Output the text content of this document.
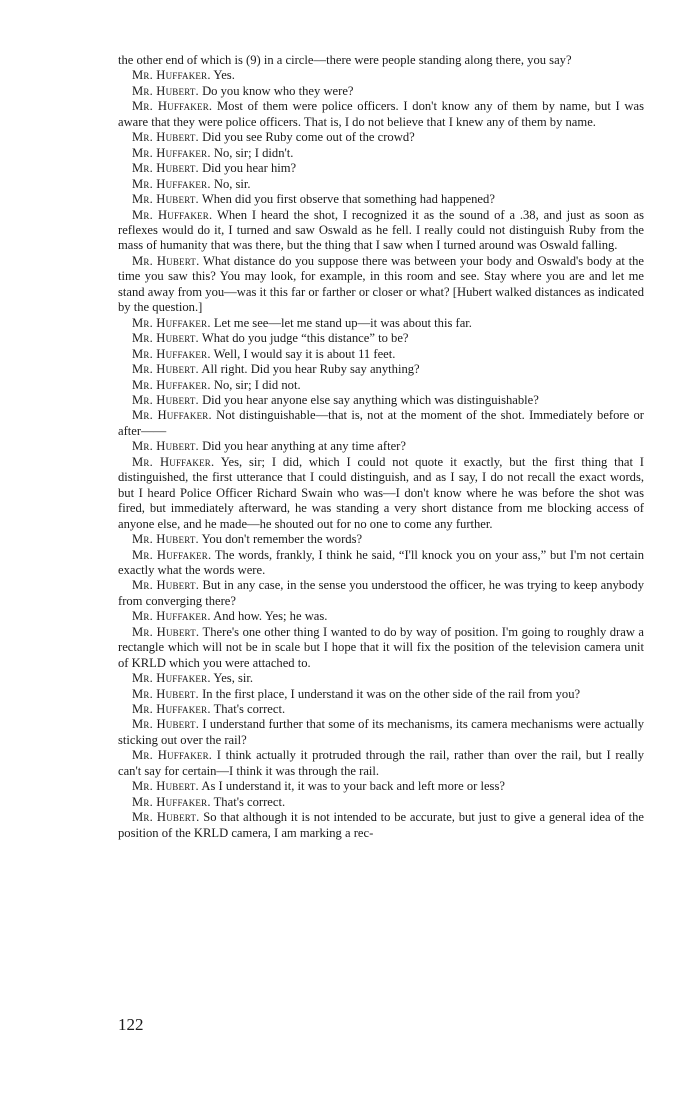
the other end of which is (9) in a circle—there were people standing along there, you say?

Mr. Huffaker. Yes.

Mr. Hubert. Do you know who they were?

Mr. Huffaker. Most of them were police officers. I don't know any of them by name, but I was aware that they were police officers. That is, I do not believe that I knew any of them by name.

Mr. Hubert. Did you see Ruby come out of the crowd?

Mr. Huffaker. No, sir; I didn't.

Mr. Hubert. Did you hear him?

Mr. Huffaker. No, sir.

Mr. Hubert. When did you first observe that something had happened?

Mr. Huffaker. When I heard the shot, I recognized it as the sound of a .38, and just as soon as reflexes would do it, I turned and saw Oswald as he fell. I really could not distinguish Ruby from the mass of humanity that was there, but the thing that I saw when I turned around was Oswald falling.

Mr. Hubert. What distance do you suppose there was between your body and Oswald's body at the time you saw this? You may look, for example, in this room and see. Stay where you are and let me stand away from you—was it this far or farther or closer or what? [Hubert walked distances as indicated by the question.]

Mr. Huffaker. Let me see—let me stand up—it was about this far.

Mr. Hubert. What do you judge “this distance” to be?

Mr. Huffaker. Well, I would say it is about 11 feet.

Mr. Hubert. All right. Did you hear Ruby say anything?

Mr. Huffaker. No, sir; I did not.

Mr. Hubert. Did you hear anyone else say anything which was distinguishable?

Mr. Huffaker. Not distinguishable—that is, not at the moment of the shot. Immediately before or after——

Mr. Hubert. Did you hear anything at any time after?

Mr. Huffaker. Yes, sir; I did, which I could not quote it exactly, but the first thing that I distinguished, the first utterance that I could distinguish, and as I say, I do not recall the exact words, but I heard Police Officer Richard Swain who was—I don't know where he was before the shot was fired, but immediately afterward, he was standing a very short distance from me blocking access of anyone else, and he made—he shouted out for no one to come any further.

Mr. Hubert. You don't remember the words?

Mr. Huffaker. The words, frankly, I think he said, “I'll knock you on your ass,” but I'm not certain exactly what the words were.

Mr. Hubert. But in any case, in the sense you understood the officer, he was trying to keep anybody from converging there?

Mr. Huffaker. And how. Yes; he was.

Mr. Hubert. There's one other thing I wanted to do by way of position. I'm going to roughly draw a rectangle which will not be in scale but I hope that it will fix the position of the television camera unit of KRLD which you were attached to.

Mr. Huffaker. Yes, sir.

Mr. Hubert. In the first place, I understand it was on the other side of the rail from you?

Mr. Huffaker. That's correct.

Mr. Hubert. I understand further that some of its mechanisms, its camera mechanisms were actually sticking out over the rail?

Mr. Huffaker. I think actually it protruded through the rail, rather than over the rail, but I really can't say for certain—I think it was through the rail.

Mr. Hubert. As I understand it, it was to your back and left more or less?

Mr. Huffaker. That's correct.

Mr. Hubert. So that although it is not intended to be accurate, but just to give a general idea of the position of the KRLD camera, I am marking a rec-

122
